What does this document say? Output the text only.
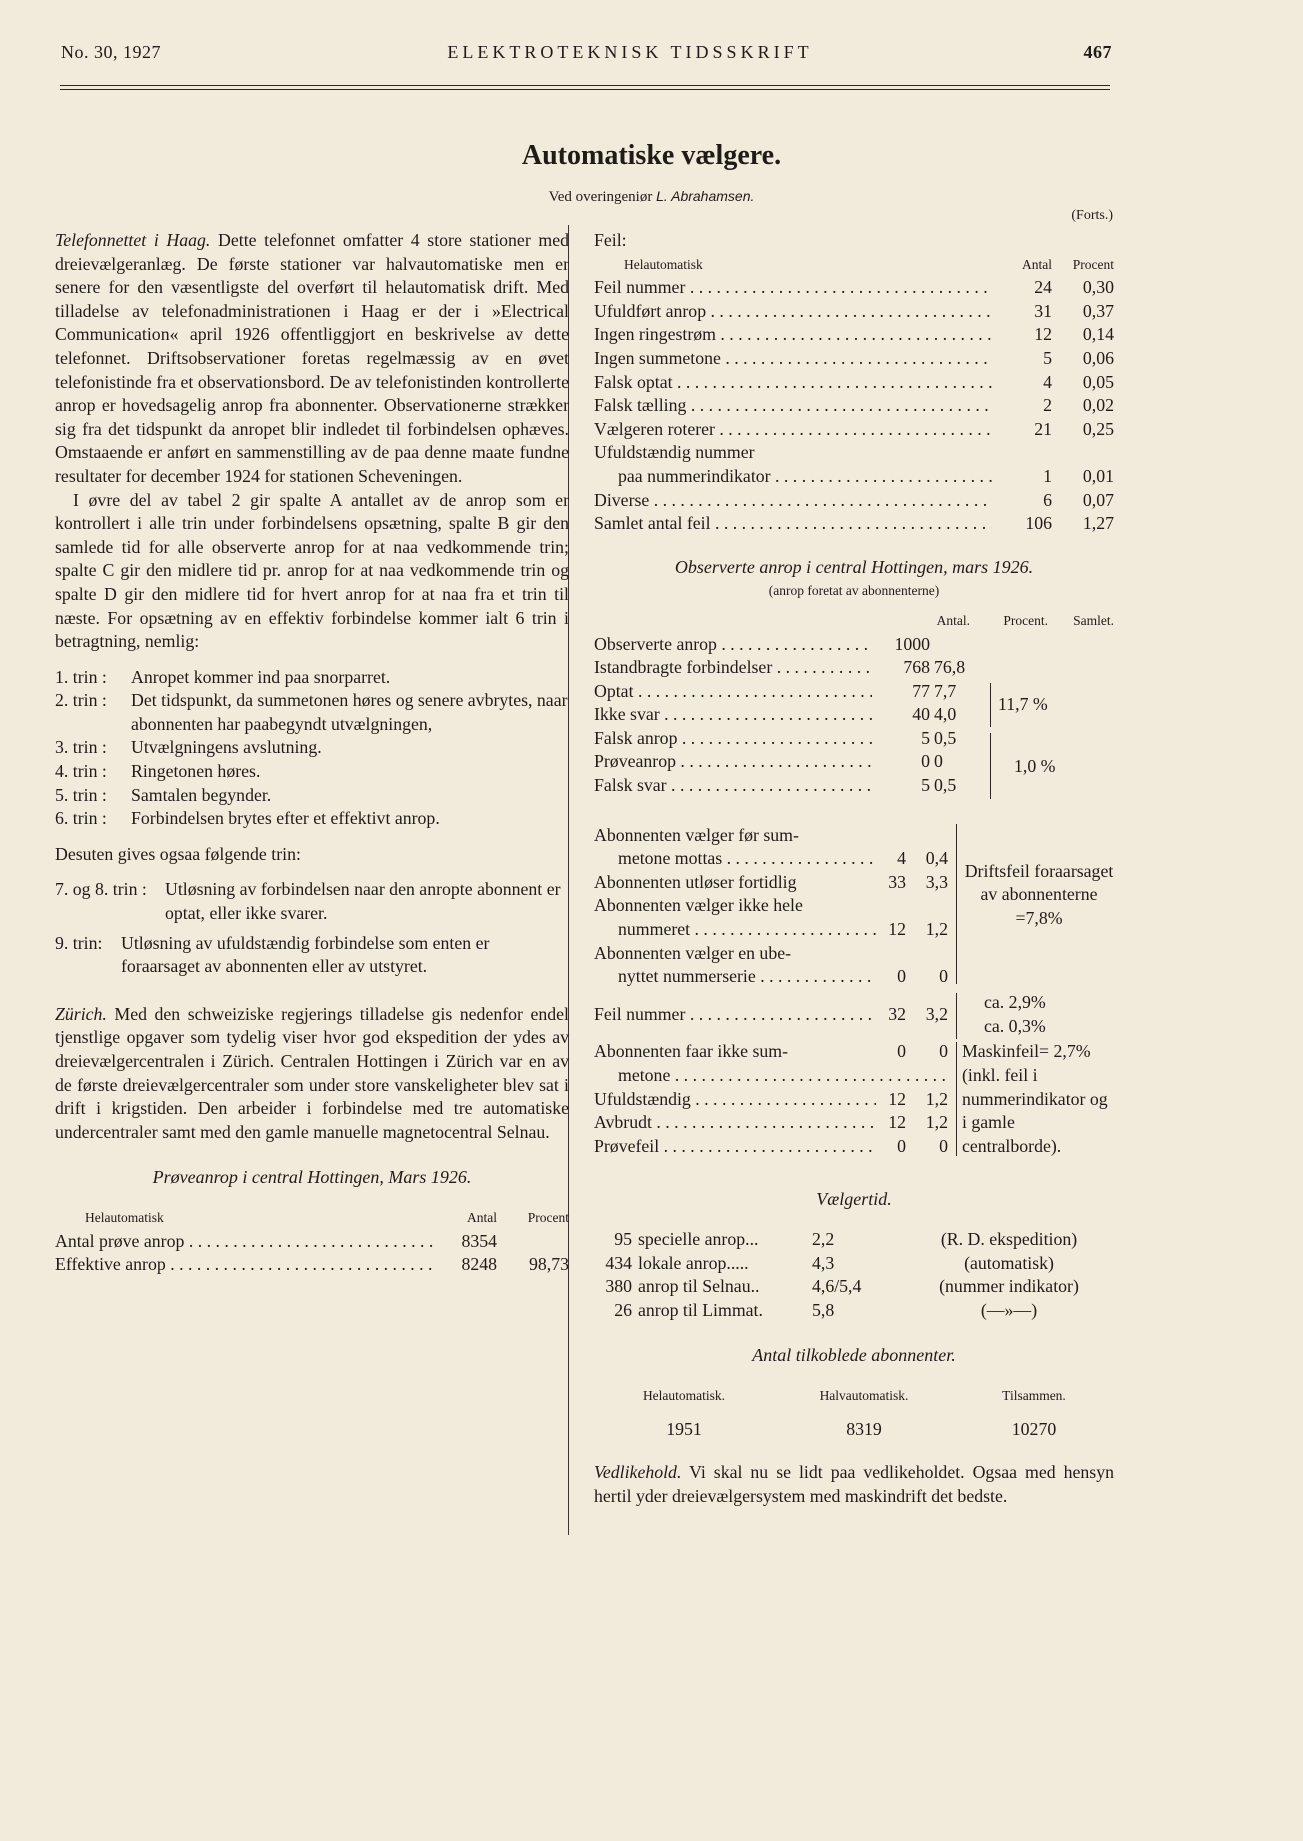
No. 30, 1927	ELEKTROTEKNISK TIDSSKRIFT	467
Automatiske vælgere.
Ved overingeniør L. Abrahamsen.
(Forts.)

Telefonnettet i Haag. Dette telefonnet omfatter 4 store stationer med dreievælgeranlæg. De første stationer var halvautomatiske men er senere for den væsentligste del overført til helautomatisk drift. Med tilladelse av telefonadministrationen i Haag er der i »Electrical Communication« april 1926 offentliggjort en beskrivelse av dette telefonnet. Driftsobservationer foretas regelmæssig av en øvet telefonistinde fra et observationsbord. De av telefonistinden kontrollerte anrop er hovedsagelig anrop fra abonnenter. Observationerne strækker sig fra det tidspunkt da anropet blir indledet til forbindelsen ophæves. Omstaaende er anført en sammenstilling av de paa denne maate fundne resultater for december 1924 for stationen Scheveningen.

I øvre del av tabel 2 gir spalte A antallet av de anrop som er kontrollert i alle trin under forbindelsens opsætning, spalte B gir den samlede tid for alle observerte anrop for at naa vedkommende trin; spalte C gir den midlere tid pr. anrop for at naa vedkommende trin og spalte D gir den midlere tid for hvert anrop for at naa fra et trin til næste. For opsætning av en effektiv forbindelse kommer ialt 6 trin i betragtning, nemlig:

1. trin :	Anropet kommer ind paa snorparret.
2. trin :	Det tidspunkt, da summetonen høres og senere avbrytes, naar abonnenten har paabegyndt utvælgningen,
3. trin :	Utvælgningens avslutning.
4. trin :	Ringetonen høres.
5. trin :	Samtalen begynder.
6. trin :	Forbindelsen brytes efter et effektivt anrop.

Desuten gives ogsaa følgende trin:

7. og 8. trin :	Utløsning av forbindelsen naar den anropte abonnent er optat, eller ikke svarer.
9. trin:	Utløsning av ufuldstændig forbindelse som enten er foraarsaget av abonnenten eller av utstyret.

Zürich. Med den schweiziske regjerings tilladelse gis nedenfor endel tjenstlige opgaver som tydelig viser hvor god ekspedition der ydes av dreievælgercentralen i Zürich. Centralen Hottingen i Zürich var en av de første dreievælgercentraler som under store vanskeligheter blev sat i drift i krigstiden. Den arbeider i forbindelse med tre automatiske undercentraler samt med den gamle manuelle magnetocentral Selnau.

Prøveanrop i central Hottingen, Mars 1926.
Helautomatisk	Antal	Procent
Antal prøve anrop . . .	8354
Effektive anrop . . .	8248	98,73
Feil:
Helautomatisk	Antal	Procent
Feil nummer . . .	24	0,30
Ufuldført anrop . . .	31	0,37
Ingen ringestrøm . . .	12	0,14
Ingen summetone . . .	5	0,06
Falsk optat . . .	4	0,05
Falsk tælling . . .	2	0,02
Vælgeren roterer . . .	21	0,25
Ufuldstændig nummer
paa nummerindikator . . .	1	0,01
Diverse . . .	6	0,07
Samlet antal feil . . .	106	1,27
Observerte anrop i central Hottingen, mars 1926.
(anrop foretat av abonnenterne)
Antal.	Procent.	Samlet.
Observerte anrop . . .	1000
Istandbragte forbindelser . . .	768 76,8
Optat . . .	77 7,7
Ikke svar . . .	40 4,0
Falsk anrop . . .	5 0,5
Prøveanrop . . .	0 0
Falsk svar . . .	5 0,5
11,7 %
1,0 %
Abonnenten vælger før sum-
metone mottas . . .	4	0,4
Abonnenten utløser fortidlig	33	3,3
Abonnenten vælger ikke hele
nummeret . . .	12	1,2
Abonnenten vælger en ube-
nyttet nummerserie . . .	0	0
Driftsfeil foraarsaget av abonnenterne =7,8%
Feil nummer . . .	32	3,2
ca. 2,9%
ca. 0,3%
Abonnenten faar ikke sum-	0	0
metone . . .
Ufuldstændig . . .	12	1,2
Avbrudt . . .	12	1,2
Prøvefeil . . .	0	0
Maskinfeil= 2,7% (inkl. feil i nummerindikator og i gamle centralborde).
Vælgertid.
95 specielle anrop...	2,2	(R. D. ekspedition)
434 lokale anrop.....	4,3	(automatisk)
380 anrop til Selnau..	4,6/5,4	(nummer indikator)
26 anrop til Limmat.	5,8	(—»—)
Antal tilkoblede abonnenter.
Helautomatisk.	Halvautomatisk.	Tilsammen.
1951	8319	10270

Vedlikehold. Vi skal nu se lidt paa vedlikeholdet. Ogsaa med hensyn hertil yder dreievælgersystem med maskindrift det bedste.
